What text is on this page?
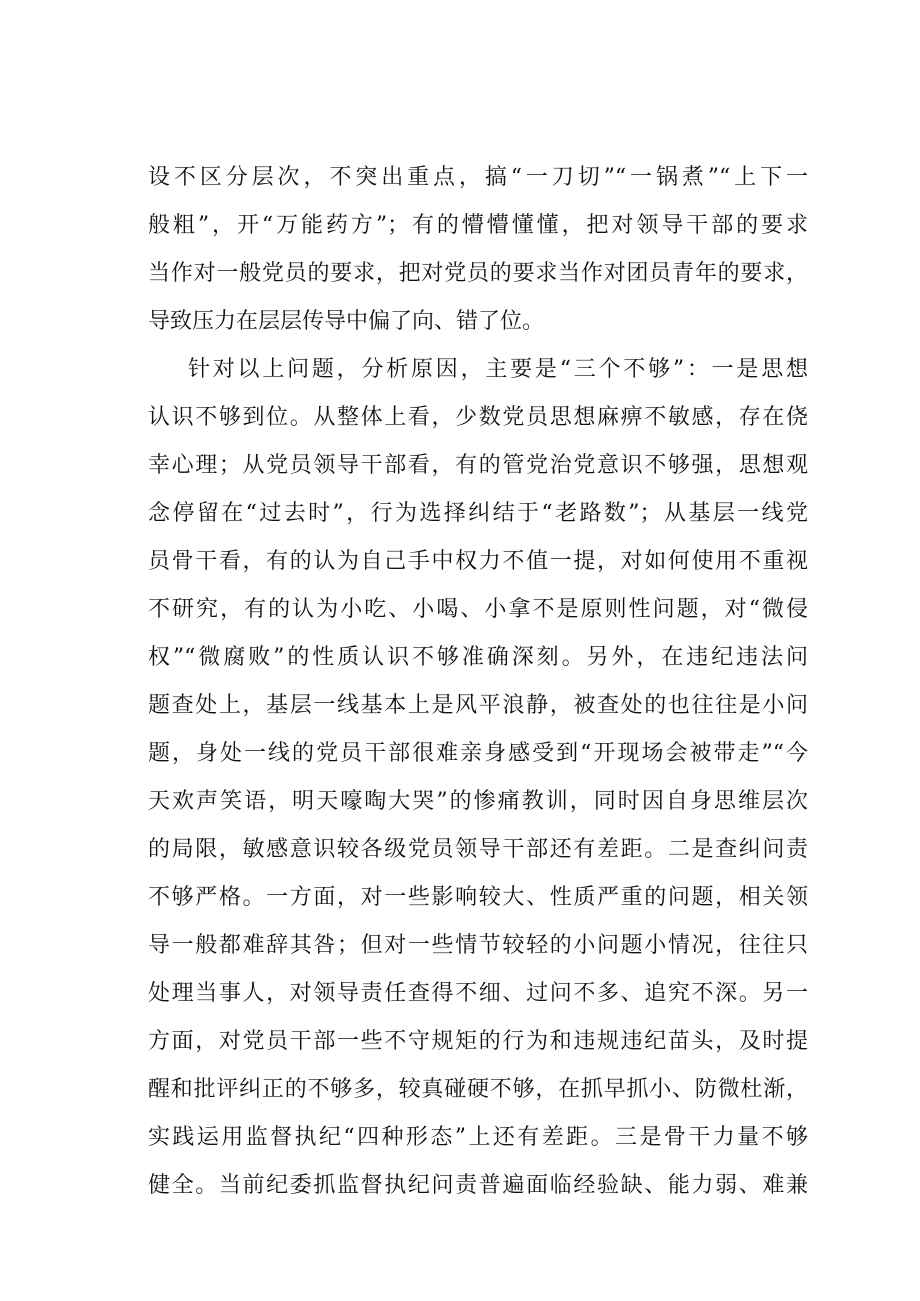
设不区分层次，不突出重点，搞“一刀切”“一锅煮”“上下一
般粗”，开“万能药方”；有的懵懵懂懂，把对领导干部的要求
当作对一般党员的要求，把对党员的要求当作对团员青年的要求，
导致压力在层层传导中偏了向、错了位。
针对以上问题，分析原因，主要是“三个不够”：一是思想
认识不够到位。从整体上看，少数党员思想麻痹不敏感，存在侥
幸心理；从党员领导干部看，有的管党治党意识不够强，思想观
念停留在“过去时”，行为选择纠结于“老路数”；从基层一线党
员骨干看，有的认为自己手中权力不值一提，对如何使用不重视
不研究，有的认为小吃、小喝、小拿不是原则性问题，对“微侵
权”“微腐败”的性质认识不够准确深刻。另外，在违纪违法问
题查处上，基层一线基本上是风平浪静，被查处的也往往是小问
题，身处一线的党员干部很难亲身感受到“开现场会被带走”“今
天欢声笑语，明天嚎啕大哭”的惨痛教训，同时因自身思维层次
的局限，敏感意识较各级党员领导干部还有差距。二是查纠问责
不够严格。一方面，对一些影响较大、性质严重的问题，相关领
导一般都难辞其咎；但对一些情节较轻的小问题小情况，往往只
处理当事人，对领导责任查得不细、过问不多、追究不深。另一
方面，对党员干部一些不守规矩的行为和违规违纪苗头，及时提
醒和批评纠正的不够多，较真碰硬不够，在抓早抓小、防微杜渐，
实践运用监督执纪“四种形态”上还有差距。三是骨干力量不够
健全。当前纪委抓监督执纪问责普遍面临经验缺、能力弱、难兼
